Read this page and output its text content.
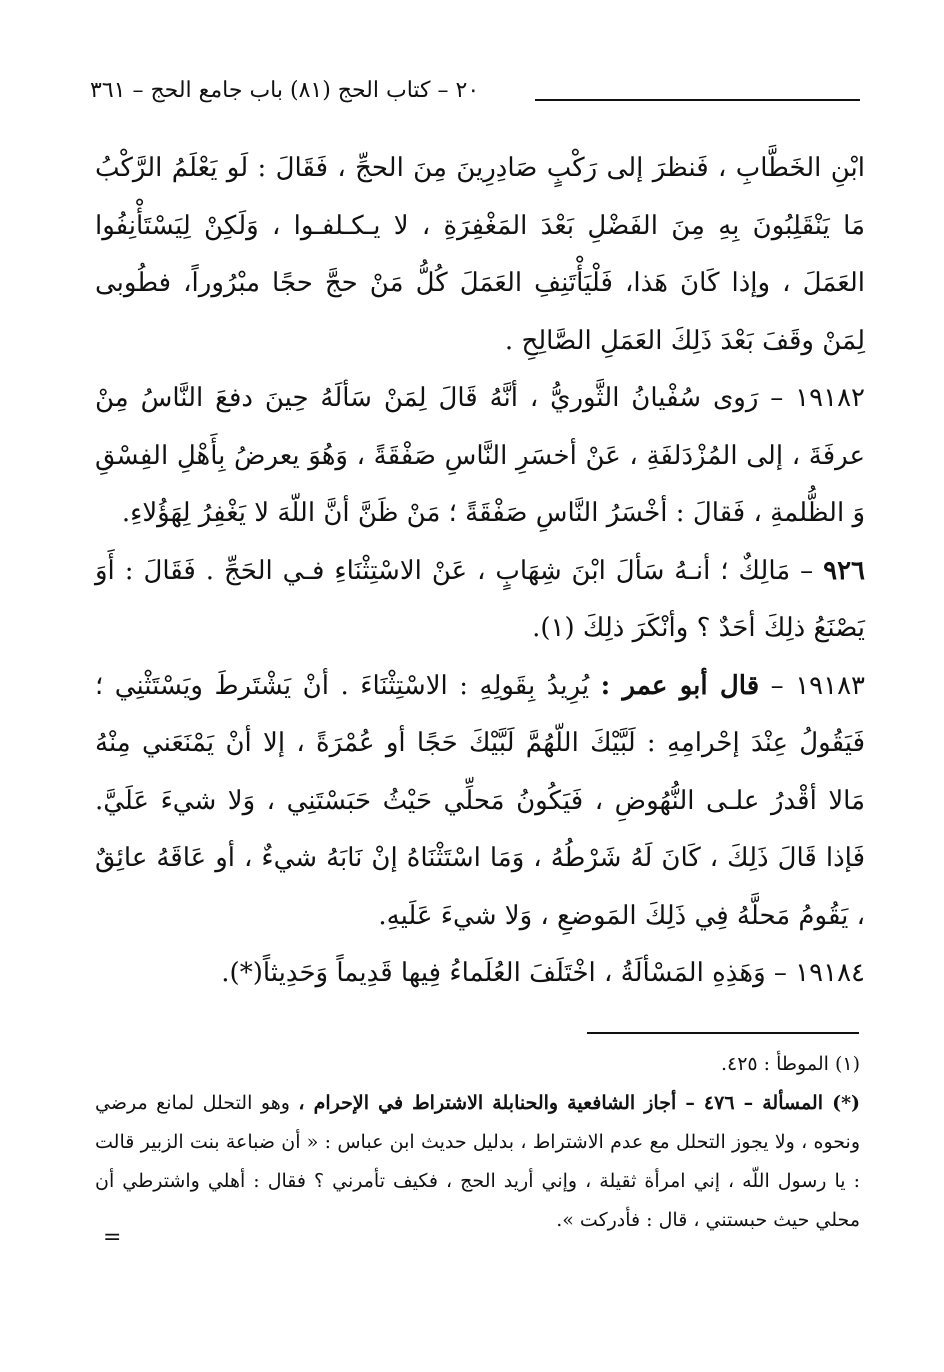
٢٠ – كتاب الحج (٨١) باب جامع الحج – ٣٦١

ابْنِ الخَطَّابِ ، فَنظرَ إلى رَكْبٍ صَادِرِينَ مِنَ الحجِّ ، فَقَالَ : لَو يَعْلَمُ الرَّكْبُ مَا يَنْقَلِبُونَ بِهِ مِنَ الفَضْلِ بَعْدَ المَغْفِرَةِ ، لا يـكـلفـوا ، وَلَكِنْ لِيَسْتَأْنِفُوا العَمَلَ ، وإذا كَانَ هَذا، فَلْيَأْتَنِفِ العَمَلَ كُلُّ مَنْ حجَّ حجًا مبْرُوراً، فطُوبى لِمَنْ وقَفَ بَعْدَ ذَلِكَ العَمَلِ الصَّالِحِ .

١٩١٨٢ – رَوى سُفْيانُ الثَّوريُّ ، أنَّهُ قَالَ لِمَنْ سَألَهُ حِينَ دفعَ النَّاسُ مِنْ عرفَةَ ، إلى المُزْدَلفَةِ ، عَنْ أخسَرِ النَّاسِ صَفْقَةً ، وَهُوَ يعرضُ بِأَهْلِ الفِسْقِ وَ الظُّلمةِ ، فَقالَ : أخْسَرُ النَّاسِ صَفْقَةً ؛ مَنْ ظَنَّ أنَّ اللّهَ لا يَغْفِرُ لِهَؤُلاءِ.

٩٢٦ – مَالِكٌ ؛ أنـهُ سَألَ ابْنَ شِهَابٍ ، عَنْ الاسْتِثْنَاءِ فـي الحَجِّ . فَقَالَ : أَوَ يَصْنَعُ ذلِكَ أحَدٌ ؟ وأنْكَرَ ذلِكَ (١).

١٩١٨٣ – قال أبو عمر : يُرِيدُ بِقَولِهِ : الاسْتِثْنَاءَ . أنْ يَشْتَرطَ ويَسْتَثْنِي ؛ فَيَقُولُ عِنْدَ إحْرامِهِ : لَبَّيْكَ اللّهُمَّ لَبَّيْكَ حَجًا أو عُمْرَةً ، إلا أنْ يَمْنَعَني مِنْهُ مَالا أقْدرُ علـى النُّهُوضِ ، فَيَكُونُ مَحلِّي حَيْثُ حَبَسْتَنِي ، وَلا شيءَ عَلَيَّ. فَإذا قَالَ ذَلِكَ ، كَانَ لَهُ شَرْطُهُ ، وَمَا اسْتَثْنَاهُ إنْ نَابَهُ شيءٌ ، أو عَاقَهُ عائِقٌ ، يَقُومُ مَحلَّهُ فِي ذَلِكَ المَوضعِ ، وَلا شيءَ عَلَيهِ.

١٩١٨٤ – وَهَذِهِ المَسْألَةُ ، اخْتَلَفَ العُلَماءُ فِيها قَدِيماً وَحَدِيثاً(*).

(١) الموطأ : ٤٢٥.

(*) المسألة – ٤٧٦ – أجاز الشافعية والحنابلة الاشتراط في الإحرام ، وهو التحلل لمانع مرضي ونحوه ، ولا يجوز التحلل مع عدم الاشتراط ، بدليل حديث ابن عباس : « أن ضباعة بنت الزبير قالت : يا رسول اللّه ، إني امرأة ثقيلة ، وإني أريد الحج ، فكيف تأمرني ؟ فقال : أهلي واشترطي أن محلي حيث حبستني ، قال : فأدركت ».

=
